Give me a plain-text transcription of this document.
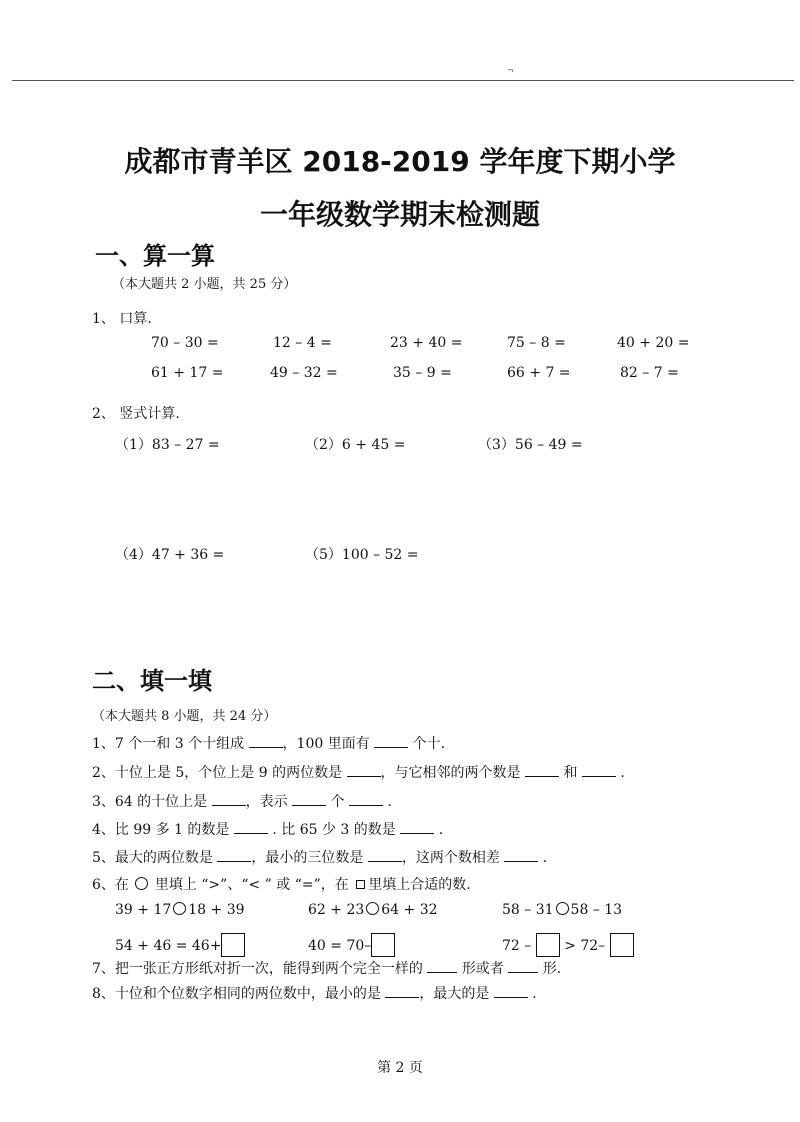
¬
成都市青羊区 2018-2019 学年度下期小学
一年级数学期末检测题
一、算一算
（本大题共 2 小题，共 25 分）
1、 口算.
70 – 30 =	12 – 4 =	23 + 40 =	75 – 8 =	40 + 20 =
61 + 17 =	49 – 32 =	35 – 9 =	66 + 7 =	82 – 7 =
2、 竖式计算.
（1）83 – 27 =	（2）6 + 45 =	（3）56 – 49 =
（4）47 + 36 =	（5）100 – 52 =
二、填一填
（本大题共 8 小题，共 24 分）
1、7 个一和 3 个十组成	，100 里面有	个十.
2、十位上是 5，个位上是 9 的两位数是	，与它相邻的两个数是	和	.
3、64 的十位上是	，表示	个	.
4、比 99 多 1 的数是	. 比 65 少 3 的数是	.
5、最大的两位数是	，最小的三位数是	，这两个数相差	.
6、在 里填上 “>”、“< ” 或 “=”，在 里填上合适的数.
39 + 17 18 + 39	62 + 23 64 + 32	58 – 31 58 – 13
54 + 46 = 46+	40 = 70–	72 – > 72–
7、把一张正方形纸对折一次，能得到两个完全一样的	形或者	形.
8、十位和个位数字相同的两位数中，最小的是	，最大的是	.
第 2 页
